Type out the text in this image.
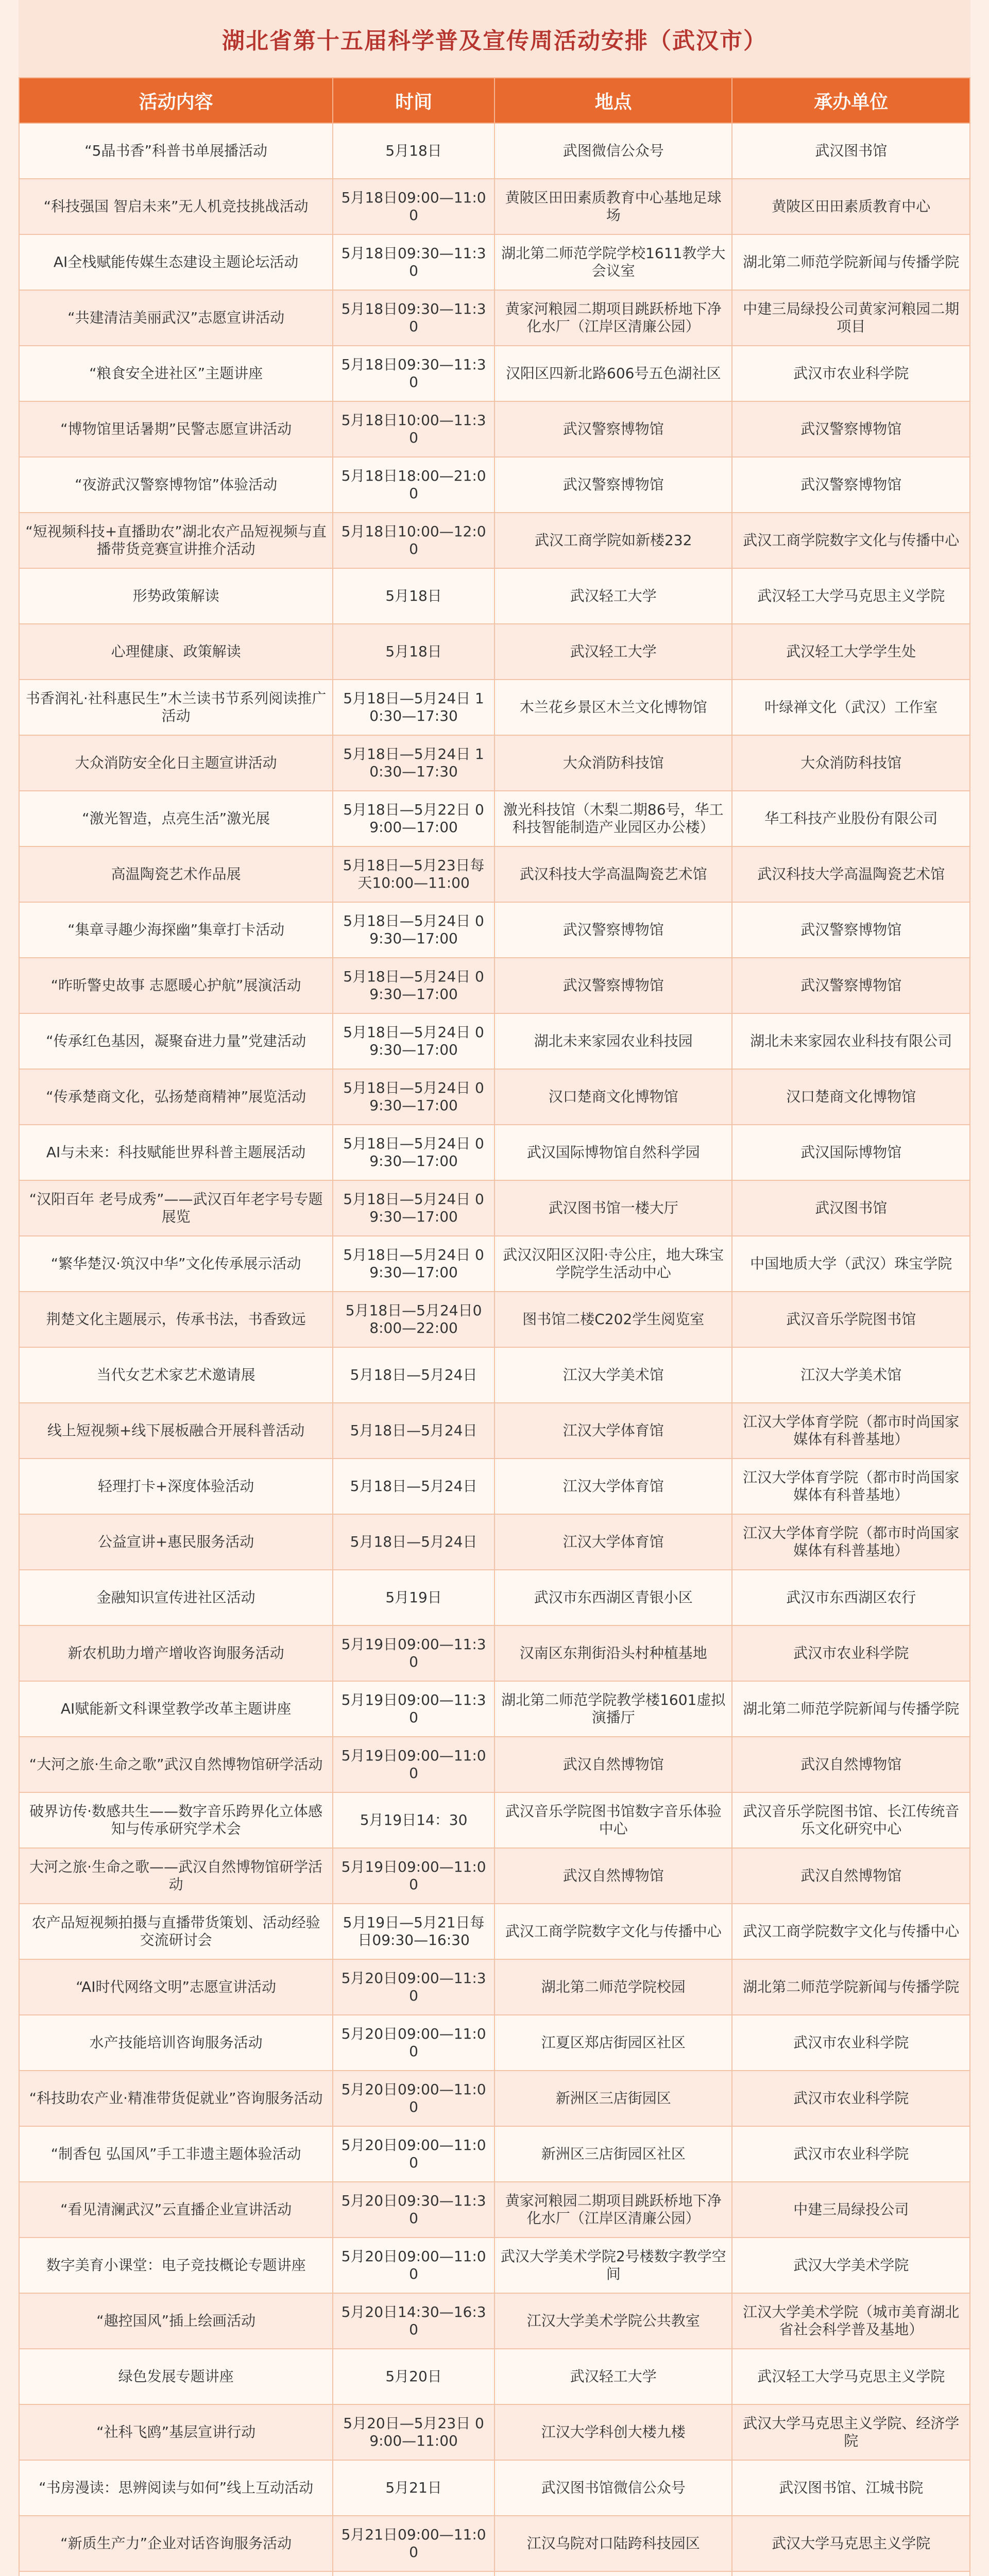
湖北省第十五届科学普及宣传周活动安排（武汉市）
活动内容	时间	地点	承办单位
“5晶书香”科普书单展播活动	5月18日	武图微信公众号	武汉图书馆
“科技强国 智启未来”无人机竞技挑战活动	5月18日09:00—11:00	黄陂区田田素质教育中心基地足球场	黄陂区田田素质教育中心
AI全栈赋能传媒生态建设主题论坛活动	5月18日09:30—11:30	湖北第二师范学院学校1611教学大会议室	湖北第二师范学院新闻与传播学院
“共建清洁美丽武汉”志愿宣讲活动	5月18日09:30—11:30	黄家河粮园二期项目跳跃桥地下净化水厂（江岸区清廉公园）	中建三局绿投公司黄家河粮园二期项目
“粮食安全进社区”主题讲座	5月18日09:30—11:30	汉阳区四新北路606号五色湖社区	武汉市农业科学院
“博物馆里话暑期”民警志愿宣讲活动	5月18日10:00—11:30	武汉警察博物馆	武汉警察博物馆
“夜游武汉警察博物馆”体验活动	5月18日18:00—21:00	武汉警察博物馆	武汉警察博物馆
“短视频科技+直播助农”湖北农产品短视频与直播带货竞赛宣讲推介活动	5月18日10:00—12:00	武汉工商学院如新楼232	武汉工商学院数字文化与传播中心
形势政策解读	5月18日	武汉轻工大学	武汉轻工大学马克思主义学院
心理健康、政策解读	5月18日	武汉轻工大学	武汉轻工大学学生处
书香润礼·社科惠民生”木兰读书节系列阅读推广活动	5月18日—5月24日 10:30—17:30	木兰花乡景区木兰文化博物馆	叶绿禅文化（武汉）工作室
大众消防安全化日主题宣讲活动	5月18日—5月24日 10:30—17:30	大众消防科技馆	大众消防科技馆
“激光智造，点亮生活”激光展	5月18日—5月22日 09:00—17:00	激光科技馆（木梨二期86号，华工科技智能制造产业园区办公楼）	华工科技产业股份有限公司
高温陶瓷艺术作品展	5月18日—5月23日每天10:00—11:00	武汉科技大学高温陶瓷艺术馆	武汉科技大学高温陶瓷艺术馆
“集章寻趣少海探幽”集章打卡活动	5月18日—5月24日 09:30—17:00	武汉警察博物馆	武汉警察博物馆
“昨昕警史故事 志愿暖心护航”展演活动	5月18日—5月24日 09:30—17:00	武汉警察博物馆	武汉警察博物馆
“传承红色基因，凝聚奋进力量”党建活动	5月18日—5月24日 09:30—17:00	湖北未来家园农业科技园	湖北未来家园农业科技有限公司
“传承楚商文化，弘扬楚商精神”展览活动	5月18日—5月24日 09:30—17:00	汉口楚商文化博物馆	汉口楚商文化博物馆
AI与未来：科技赋能世界科普主题展活动	5月18日—5月24日 09:30—17:00	武汉国际博物馆自然科学园	武汉国际博物馆
“汉阳百年 老号成秀”——武汉百年老字号专题展览	5月18日—5月24日 09:30—17:00	武汉图书馆一楼大厅	武汉图书馆
“繁华楚汉·筑汉中华”文化传承展示活动	5月18日—5月24日 09:30—17:00	武汉汉阳区汉阳·寺公庄，地大珠宝学院学生活动中心	中国地质大学（武汉）珠宝学院
荆楚文化主题展示，传承书法，书香致远	5月18日—5月24日08:00—22:00	图书馆二楼C202学生阅览室	武汉音乐学院图书馆
当代女艺术家艺术邀请展	5月18日—5月24日	江汉大学美术馆	江汉大学美术馆
线上短视频+线下展板融合开展科普活动	5月18日—5月24日	江汉大学体育馆	江汉大学体育学院（都市时尚国家媒体有科普基地）
轻理打卡+深度体验活动	5月18日—5月24日	江汉大学体育馆	江汉大学体育学院（都市时尚国家媒体有科普基地）
公益宣讲+惠民服务活动	5月18日—5月24日	江汉大学体育馆	江汉大学体育学院（都市时尚国家媒体有科普基地）
金融知识宣传进社区活动	5月19日	武汉市东西湖区青银小区	武汉市东西湖区农行
新农机助力增产增收咨询服务活动	5月19日09:00—11:30	汉南区东荆街沿头村种植基地	武汉市农业科学院
AI赋能新文科课堂教学改革主题讲座	5月19日09:00—11:30	湖北第二师范学院教学楼1601虚拟演播厅	湖北第二师范学院新闻与传播学院
“大河之旅·生命之歌”武汉自然博物馆研学活动	5月19日09:00—11:00	武汉自然博物馆	武汉自然博物馆
破界访传·数感共生——数字音乐跨界化立体感知与传承研究学术会	5月19日14：30	武汉音乐学院图书馆数字音乐体验中心	武汉音乐学院图书馆、长江传统音乐文化研究中心
大河之旅·生命之歌——武汉自然博物馆研学活动	5月19日09:00—11:00	武汉自然博物馆	武汉自然博物馆
农产品短视频拍摄与直播带货策划、活动经验交流研讨会	5月19日—5月21日每日09:30—16:30	武汉工商学院数字文化与传播中心	武汉工商学院数字文化与传播中心
“AI时代网络文明”志愿宣讲活动	5月20日09:00—11:30	湖北第二师范学院校园	湖北第二师范学院新闻与传播学院
水产技能培训咨询服务活动	5月20日09:00—11:00	江夏区郑店街园区社区	武汉市农业科学院
“科技助农产业·精准带货促就业”咨询服务活动	5月20日09:00—11:00	新洲区三店街园区	武汉市农业科学院
“制香包 弘国风”手工非遗主题体验活动	5月20日09:00—11:00	新洲区三店街园区社区	武汉市农业科学院
“看见清澜武汉”云直播企业宣讲活动	5月20日09:30—11:30	黄家河粮园二期项目跳跃桥地下净化水厂（江岸区清廉公园）	中建三局绿投公司
数字美育小课堂：电子竞技概论专题讲座	5月20日09:00—11:00	武汉大学美术学院2号楼数字教学空间	武汉大学美术学院
“趣控国风”插上绘画活动	5月20日14:30—16:30	江汉大学美术学院公共教室	江汉大学美术学院（城市美育湖北省社会科学普及基地）
绿色发展专题讲座	5月20日	武汉轻工大学	武汉轻工大学马克思主义学院
“社科飞鸥”基层宣讲行动	5月20日—5月23日 09:00—11:00	江汉大学科创大楼九楼	武汉大学马克思主义学院、经济学院
“书房漫读：思辨阅读与如何”线上互动活动	5月21日	武汉图书馆微信公众号	武汉图书馆、江城书院
“新质生产力”企业对话咨询服务活动	5月21日09:00—11:00	江汉乌院对口陆跨科技园区	武汉大学马克思主义学院
